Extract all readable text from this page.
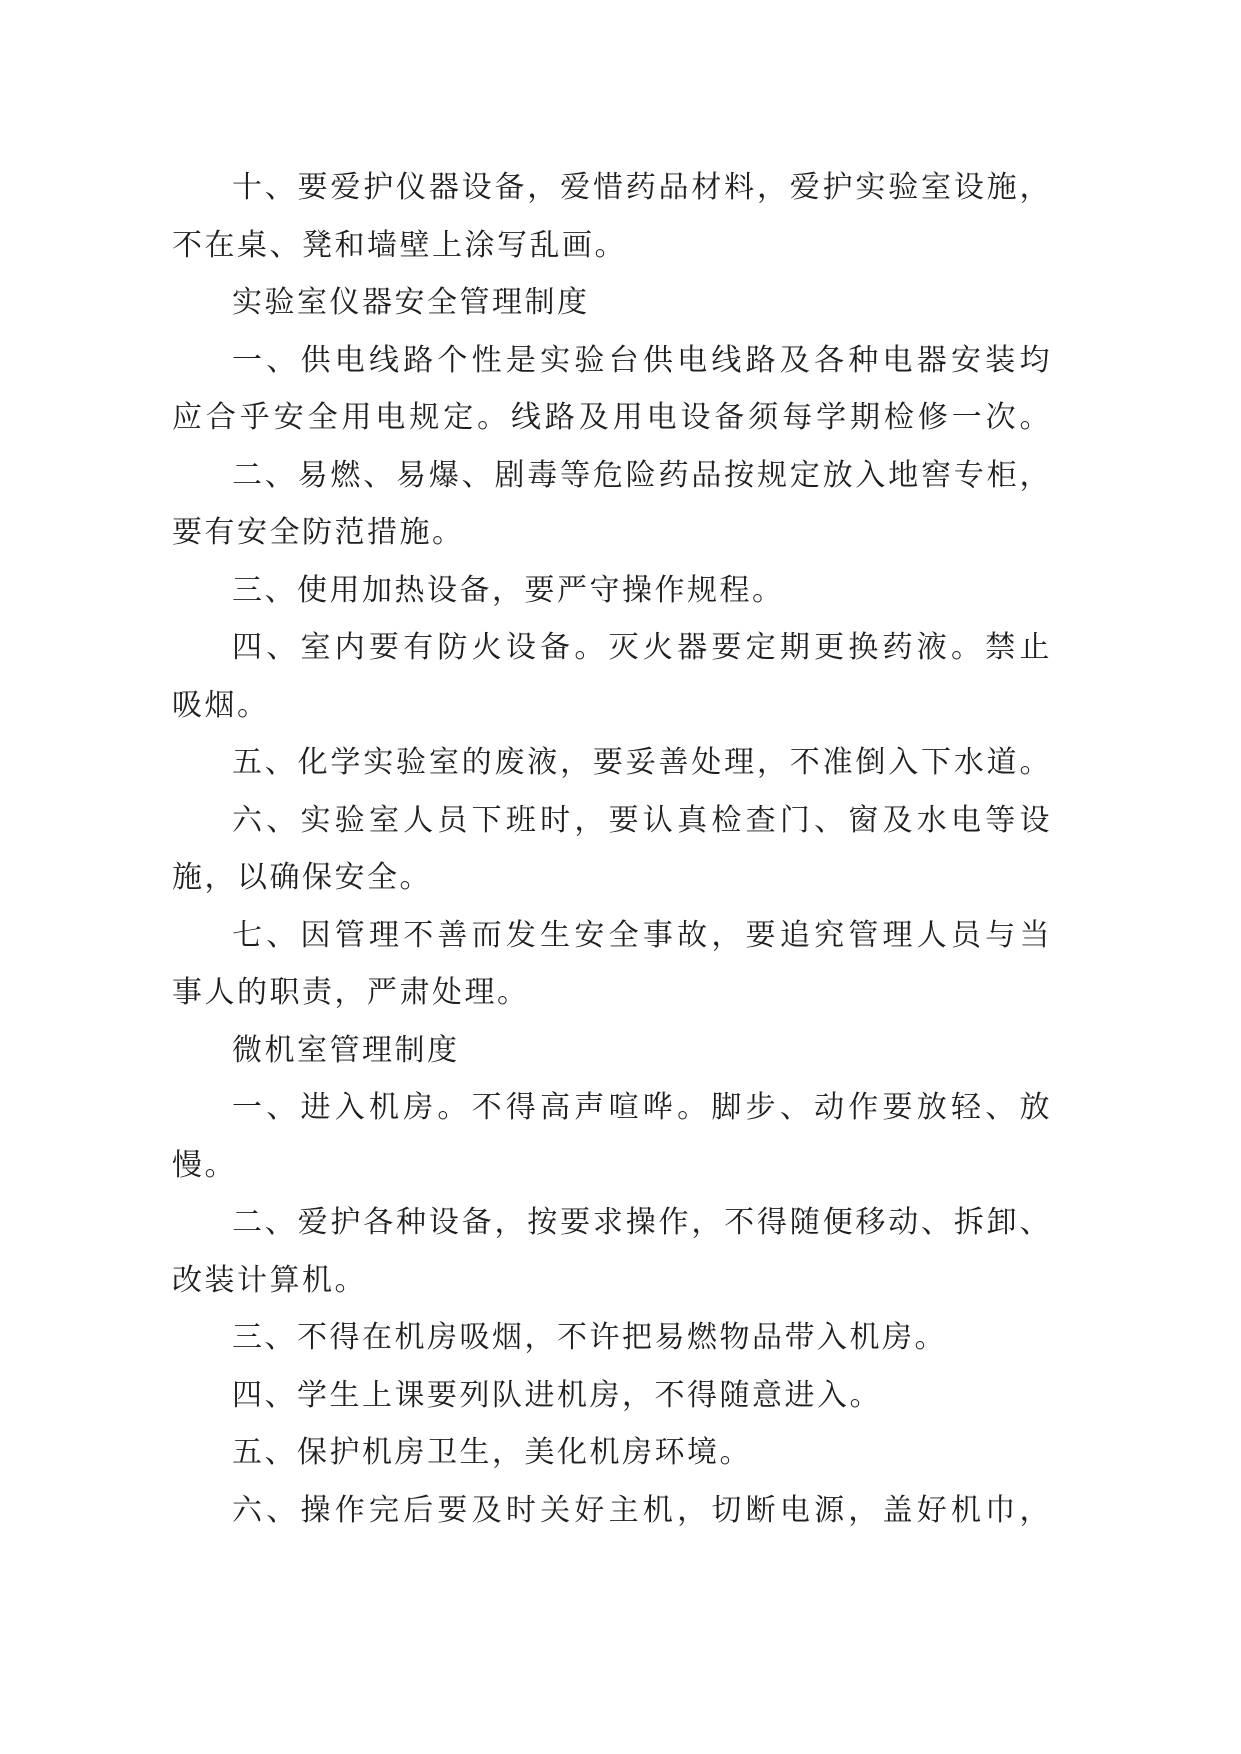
十、要爱护仪器设备，爱惜药品材料，爱护实验室设施，
不在桌、凳和墙壁上涂写乱画。
实验室仪器安全管理制度
一、供电线路个性是实验台供电线路及各种电器安装均
应合乎安全用电规定。线路及用电设备须每学期检修一次。
二、易燃、易爆、剧毒等危险药品按规定放入地窖专柜，
要有安全防范措施。
三、使用加热设备，要严守操作规程。
四、室内要有防火设备。灭火器要定期更换药液。禁止
吸烟。
五、化学实验室的废液，要妥善处理，不准倒入下水道。
六、实验室人员下班时，要认真检查门、窗及水电等设
施，以确保安全。
七、因管理不善而发生安全事故，要追究管理人员与当
事人的职责，严肃处理。
微机室管理制度
一、进入机房。不得高声喧哗。脚步、动作要放轻、放
慢。
二、爱护各种设备，按要求操作，不得随便移动、拆卸、
改装计算机。
三、不得在机房吸烟，不许把易燃物品带入机房。
四、学生上课要列队进机房，不得随意进入。
五、保护机房卫生，美化机房环境。
六、操作完后要及时关好主机，切断电源，盖好机巾，
